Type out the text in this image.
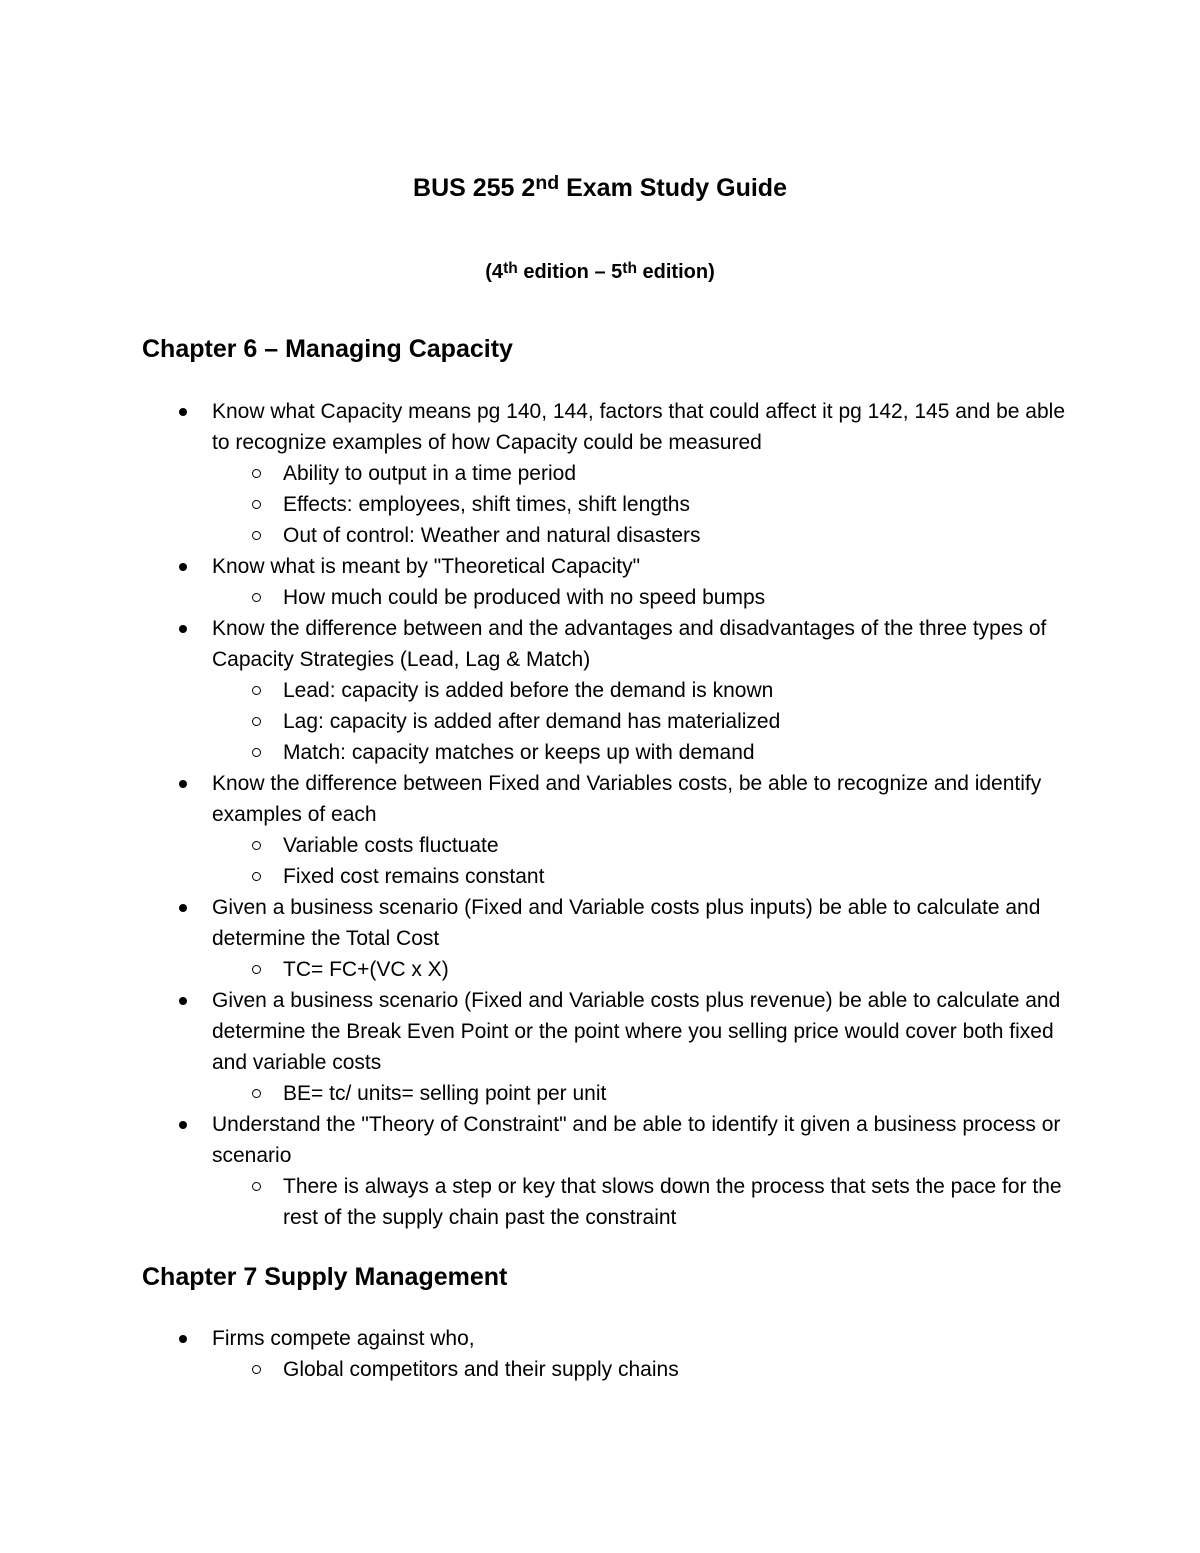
BUS 255 2nd Exam Study Guide
(4th edition – 5th edition)
Chapter 6 – Managing Capacity
Know what Capacity means pg 140, 144, factors that could affect it pg 142, 145 and be able to recognize examples of how Capacity could be measured
Ability to output in a time period
Effects: employees, shift times, shift lengths
Out of control: Weather and natural disasters
Know what is meant by "Theoretical Capacity"
How much could be produced with no speed bumps
Know the difference between and the advantages and disadvantages of the three types of Capacity Strategies (Lead, Lag & Match)
Lead: capacity is added before the demand is known
Lag: capacity is added after demand has materialized
Match: capacity matches or keeps up with demand
Know the difference between Fixed and Variables costs, be able to recognize and identify examples of each
Variable costs fluctuate
Fixed cost remains constant
Given a business scenario (Fixed and Variable costs plus inputs) be able to calculate and determine the Total Cost
TC= FC+(VC x X)
Given a business scenario (Fixed and Variable costs plus revenue) be able to calculate and determine the Break Even Point or the point where you selling price would cover both fixed and variable costs
BE= tc/ units= selling point per unit
Understand the "Theory of Constraint" and be able to identify it given a business process or scenario
There is always a step or key that slows down the process that sets the pace for the rest of the supply chain past the constraint
Chapter 7 Supply Management
Firms compete against who,
Global competitors and their supply chains
